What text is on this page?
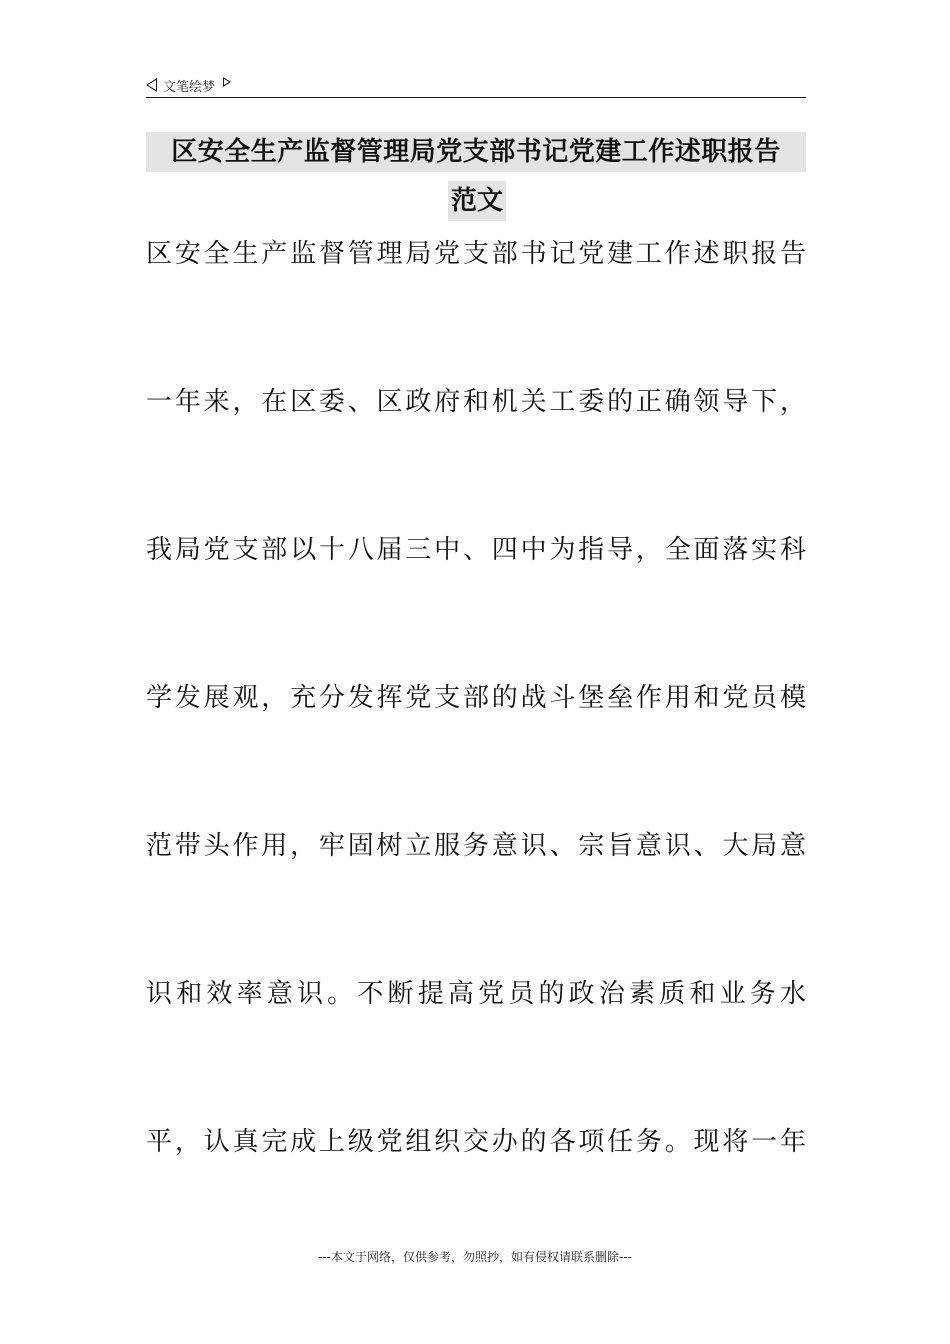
文笔绘梦
区安全生产监督管理局党支部书记党建工作述职报告
范文
区安全生产监督管理局党支部书记党建工作述职报告
一年来，在区委、区政府和机关工委的正确领导下，
我局党支部以十八届三中、四中为指导，全面落实科
学发展观，充分发挥党支部的战斗堡垒作用和党员模
范带头作用，牢固树立服务意识、宗旨意识、大局意
识和效率意识。不断提高党员的政治素质和业务水
平，认真完成上级党组织交办的各项任务。现将一年
---本文于网络，仅供参考，勿照抄，如有侵权请联系删除---
